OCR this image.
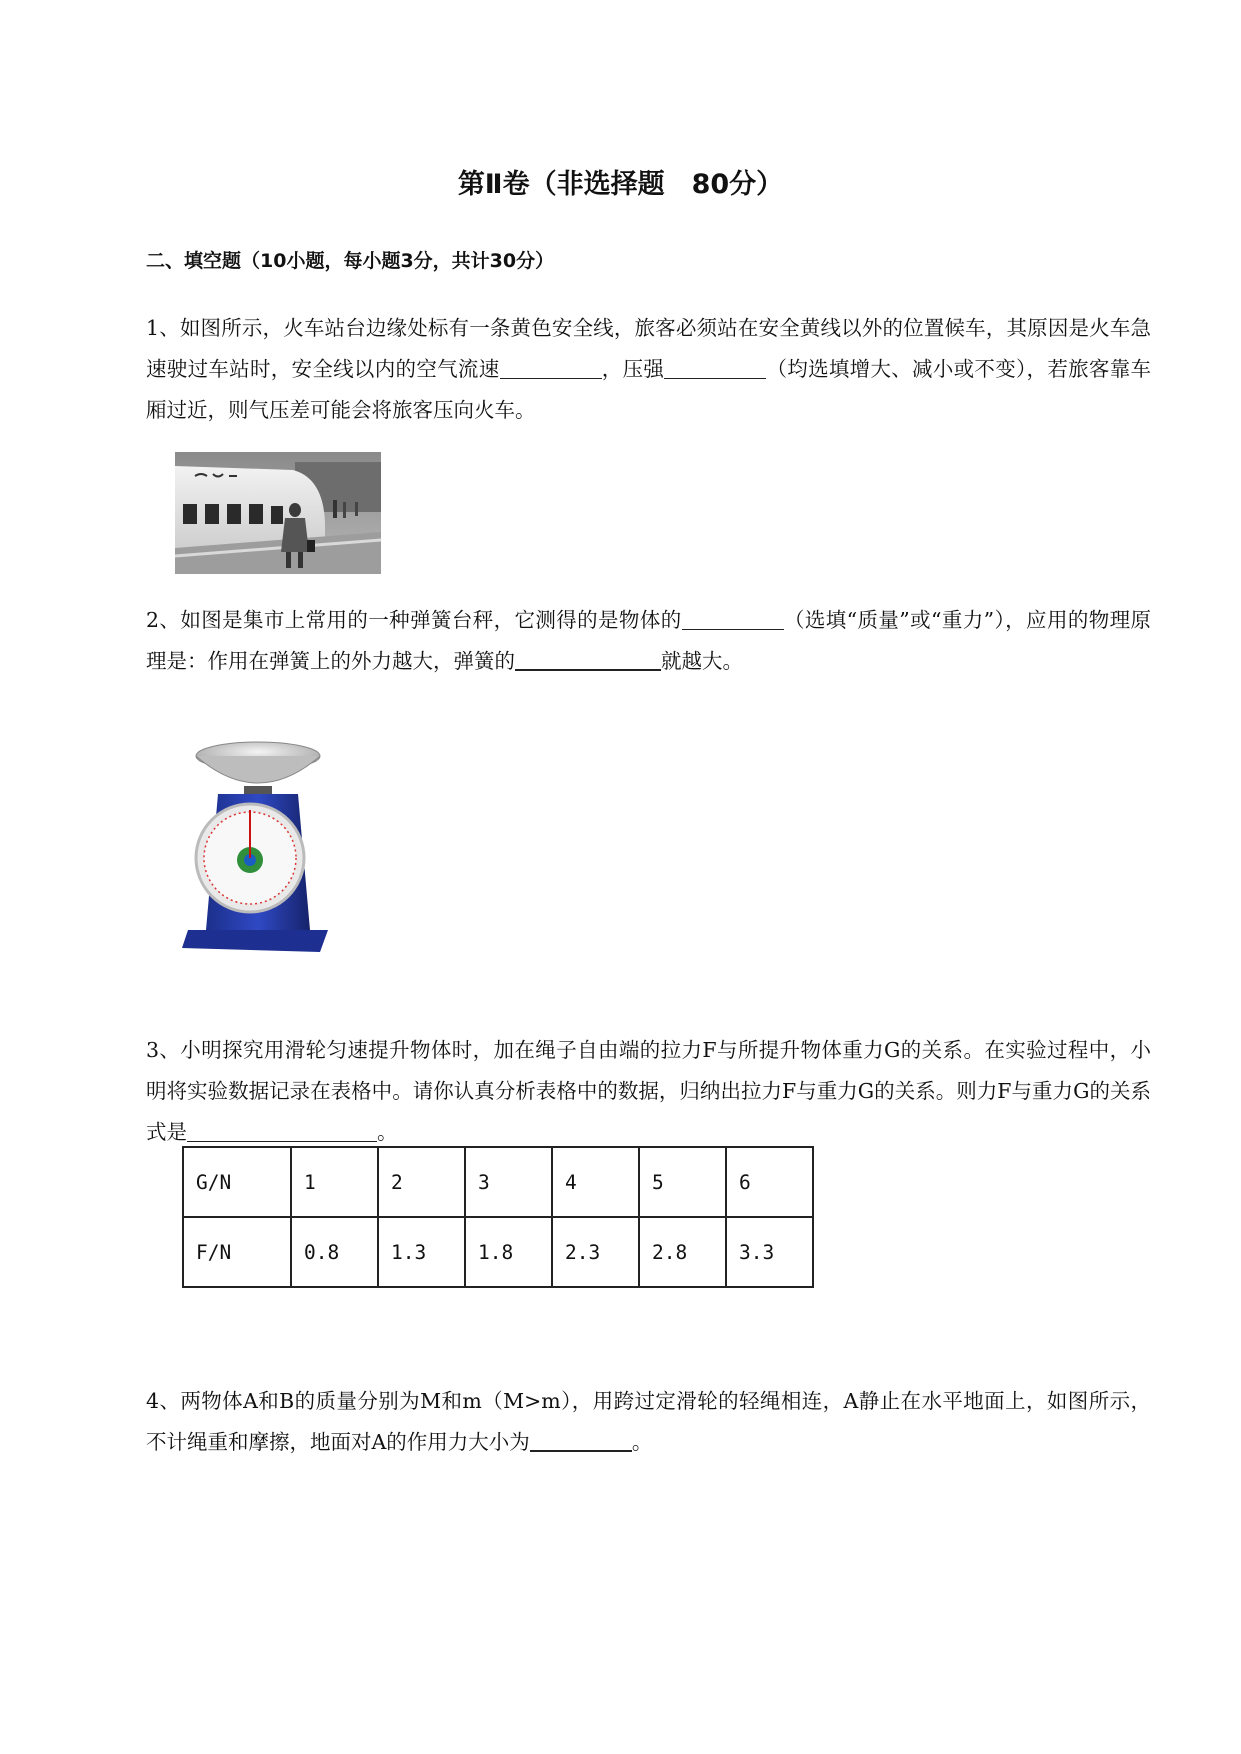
第Ⅱ卷（非选择题　80分）
二、填空题（10小题，每小题3分，共计30分）
1、如图所示，火车站台边缘处标有一条黄色安全线，旅客必须站在安全黄线以外的位置候车，其原因是火车急速驶过车站时，安全线以内的空气流速	，压强	（均选填增大、减小或不变），若旅客靠车厢过近，则气压差可能会将旅客压向火车。
2、如图是集市上常用的一种弹簧台秤，它测得的是物体的	（选填“质量”或“重力”），应用的物理原理是：作用在弹簧上的外力越大，弹簧的	就越大。
3、小明探究用滑轮匀速提升物体时，加在绳子自由端的拉力F与所提升物体重力G的关系。在实验过程中，小明将实验数据记录在表格中。请你认真分析表格中的数据，归纳出拉力F与重力G的关系。则力F与重力G的关系式是	。
G/N	1	2	3	4	5	6
F/N	0.8	1.3	1.8	2.3	2.8	3.3
4、两物体A和B的质量分别为M和m（M>m），用跨过定滑轮的轻绳相连，A静止在水平地面上，如图所示，不计绳重和摩擦，地面对A的作用力大小为	。
